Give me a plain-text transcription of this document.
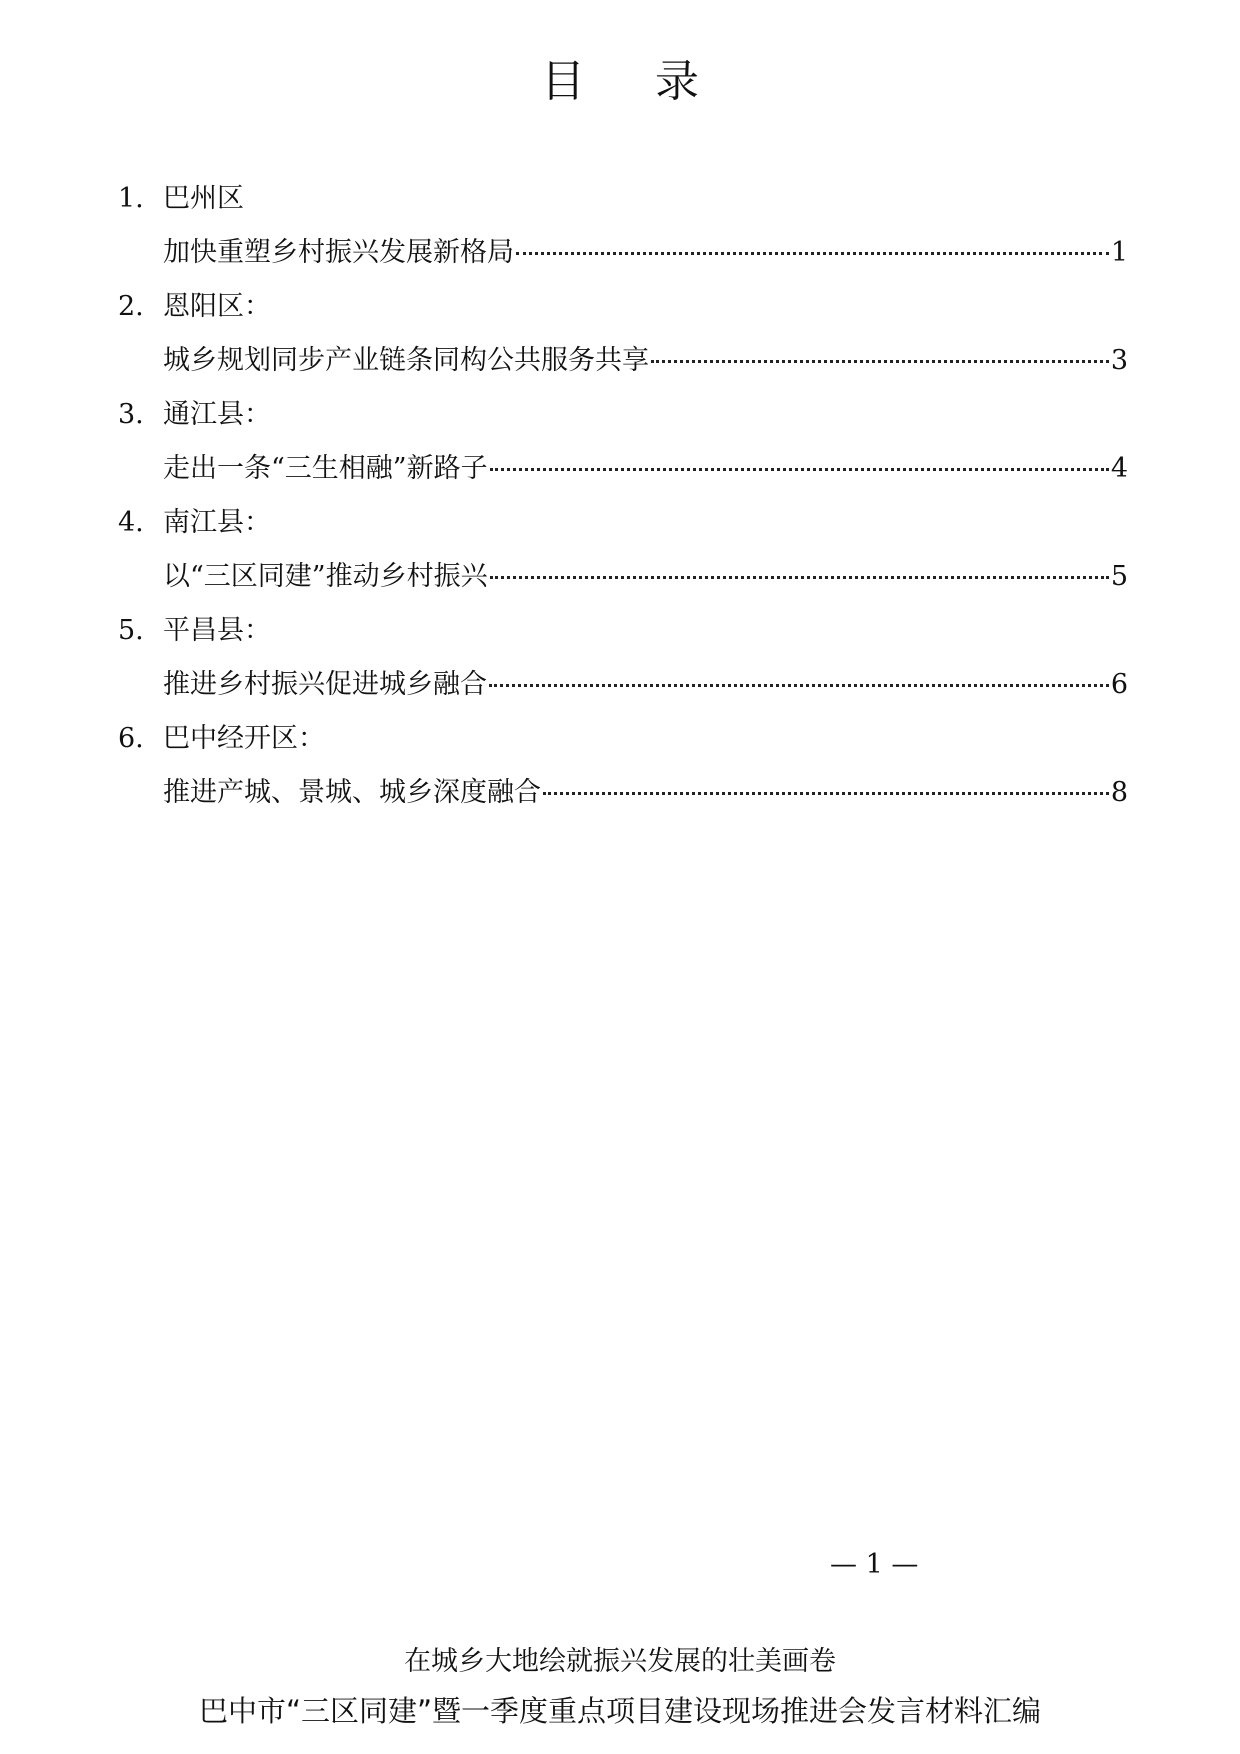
目 录
1. 巴州区
加快重塑乡村振兴发展新格局	1
2. 恩阳区：
城乡规划同步产业链条同构公共服务共享	3
3. 通江县：
走出一条“三生相融”新路子	4
4. 南江县：
以“三区同建”推动乡村振兴	5
5. 平昌县：
推进乡村振兴促进城乡融合	6
6. 巴中经开区：
推进产城、景城、城乡深度融合	8
— 1 —
在城乡大地绘就振兴发展的壮美画卷
巴中市“三区同建”暨一季度重点项目建设现场推进会发言材料汇编
